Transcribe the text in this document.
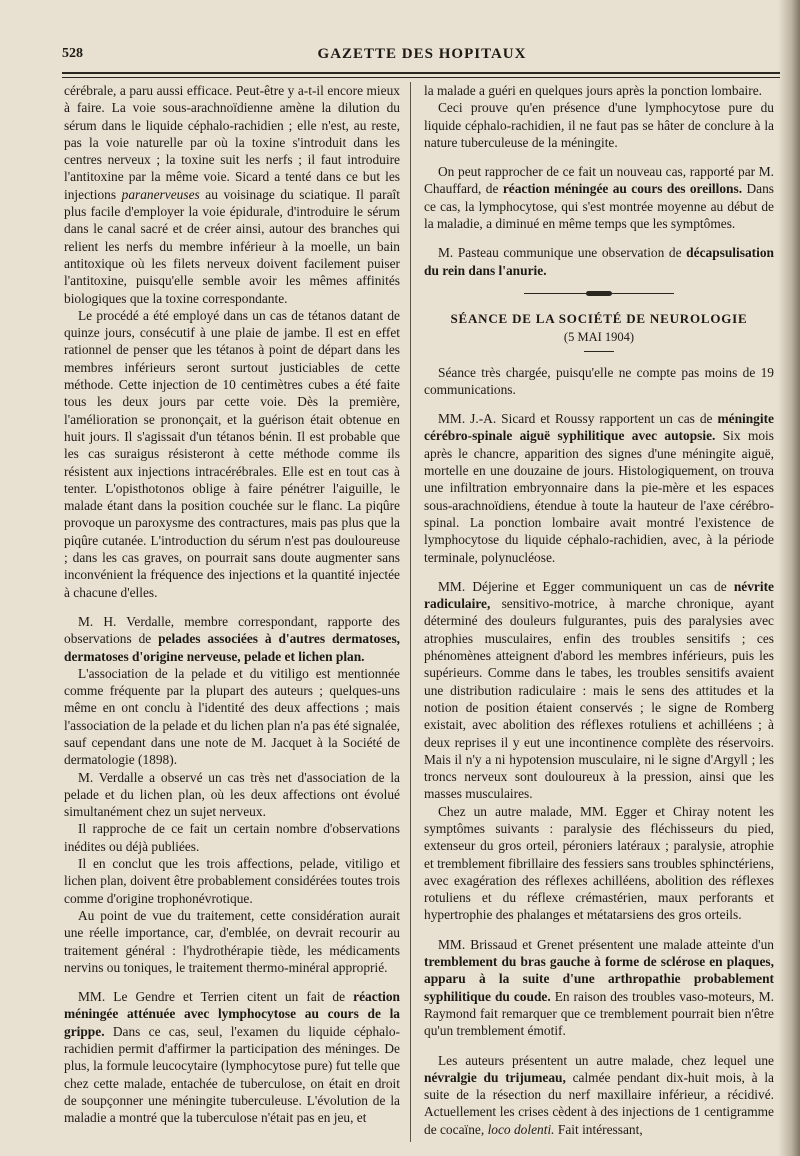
528	GAZETTE DES HOPITAUX

cérébrale, a paru aussi efficace. Peut-être y a-t-il encore mieux à faire. La voie sous-arachnoïdienne amène la dilution du sérum dans le liquide céphalo-rachidien ; elle n'est, au reste, pas la voie naturelle par où la toxine s'introduit dans les centres nerveux ; la toxine suit les nerfs ; il faut introduire l'antitoxine par la même voie. Sicard a tenté dans ce but les injections paranerveuses au voisinage du sciatique. Il paraît plus facile d'employer la voie épidurale, d'introduire le sérum dans le canal sacré et de créer ainsi, autour des branches qui relient les nerfs du membre inférieur à la moelle, un bain antitoxique où les filets nerveux doivent facilement puiser l'antitoxine, puisqu'elle semble avoir les mêmes affinités biologiques que la toxine correspondante.

Le procédé a été employé dans un cas de tétanos datant de quinze jours, consécutif à une plaie de jambe. Il est en effet rationnel de penser que les tétanos à point de départ dans les membres inférieurs seront surtout justiciables de cette méthode. Cette injection de 10 centimètres cubes a été faite tous les deux jours par cette voie. Dès la première, l'amélioration se prononçait, et la guérison était obtenue en huit jours. Il s'agissait d'un tétanos bénin. Il est probable que les cas suraigus résisteront à cette méthode comme ils résistent aux injections intracérébrales. Elle est en tout cas à tenter. L'opisthotonos oblige à faire pénétrer l'aiguille, le malade étant dans la position couchée sur le flanc. La piqûre provoque un paroxysme des contractures, mais pas plus que la piqûre cutanée. L'introduction du sérum n'est pas douloureuse ; dans les cas graves, on pourrait sans doute augmenter sans inconvénient la fréquence des injections et la quantité injectée à chacune d'elles.

M. H. Verdalle, membre correspondant, rapporte des observations de pelades associées à d'autres dermatoses, dermatoses d'origine nerveuse, pelade et lichen plan.

L'association de la pelade et du vitiligo est mentionnée comme fréquente par la plupart des auteurs ; quelques-uns même en ont conclu à l'identité des deux affections ; mais l'association de la pelade et du lichen plan n'a pas été signalée, sauf cependant dans une note de M. Jacquet à la Société de dermatologie (1898).

M. Verdalle a observé un cas très net d'association de la pelade et du lichen plan, où les deux affections ont évolué simultanément chez un sujet nerveux.

Il rapproche de ce fait un certain nombre d'observations inédites ou déjà publiées.

Il en conclut que les trois affections, pelade, vitiligo et lichen plan, doivent être probablement considérées toutes trois comme d'origine trophonévrotique.

Au point de vue du traitement, cette considération aurait une réelle importance, car, d'emblée, on devrait recourir au traitement général : l'hydrothérapie tiède, les médicaments nervins ou toniques, le traitement thermo-minéral approprié.

MM. Le Gendre et Terrien citent un fait de réaction méningée atténuée avec lymphocytose au cours de la grippe. Dans ce cas, seul, l'examen du liquide céphalo-rachidien permit d'affirmer la participation des méninges. De plus, la formule leucocytaire (lymphocytose pure) fut telle que chez cette malade, entachée de tuberculose, on était en droit de soupçonner une méningite tuberculeuse. L'évolution de la maladie a montré que la tuberculose n'était pas en jeu, et

la malade a guéri en quelques jours après la ponction lombaire.

Ceci prouve qu'en présence d'une lymphocytose pure du liquide céphalo-rachidien, il ne faut pas se hâter de conclure à la nature tuberculeuse de la méningite.

On peut rapprocher de ce fait un nouveau cas, rapporté par M. Chauffard, de réaction méningée au cours des oreillons. Dans ce cas, la lymphocytose, qui s'est montrée moyenne au début de la maladie, a diminué en même temps que les symptômes.

M. Pasteau communique une observation de décapsulisation du rein dans l'anurie.

SÉANCE DE LA SOCIÉTÉ DE NEUROLOGIE
(5 MAI 1904)

Séance très chargée, puisqu'elle ne compte pas moins de 19 communications.

MM. J.-A. Sicard et Roussy rapportent un cas de méningite cérébro-spinale aiguë syphilitique avec autopsie. Six mois après le chancre, apparition des signes d'une méningite aiguë, mortelle en une douzaine de jours. Histologiquement, on trouva une infiltration embryonnaire dans la pie-mère et les espaces sous-arachnoïdiens, étendue à toute la hauteur de l'axe cérébro-spinal. La ponction lombaire avait montré l'existence de lymphocytose du liquide céphalo-rachidien, avec, à la période terminale, polynucléose.

MM. Déjerine et Egger communiquent un cas de névrite radiculaire, sensitivo-motrice, à marche chronique, ayant déterminé des douleurs fulgurantes, puis des paralysies avec atrophies musculaires, enfin des troubles sensitifs ; ces phénomènes atteignent d'abord les membres inférieurs, puis les supérieurs. Comme dans le tabes, les troubles sensitifs avaient une distribution radiculaire : mais le sens des attitudes et la notion de position étaient conservés ; le signe de Romberg existait, avec abolition des réflexes rotuliens et achilléens ; à deux reprises il y eut une incontinence complète des réservoirs. Mais il n'y a ni hypotension musculaire, ni le signe d'Argyll ; les troncs nerveux sont douloureux à la pression, ainsi que les masses musculaires.

Chez un autre malade, MM. Egger et Chiray notent les symptômes suivants : paralysie des fléchisseurs du pied, extenseur du gros orteil, péroniers latéraux ; paralysie, atrophie et tremblement fibrillaire des fessiers sans troubles sphinctériens, avec exagération des réflexes achilléens, abolition des réflexes rotuliens et du réflexe crémastérien, maux perforants et hypertrophie des phalanges et métatarsiens des gros orteils.

MM. Brissaud et Grenet présentent une malade atteinte d'un tremblement du bras gauche à forme de sclérose en plaques, apparu à la suite d'une arthropathie probablement syphilitique du coude. En raison des troubles vaso-moteurs, M. Raymond fait remarquer que ce tremblement pourrait bien n'être qu'un tremblement émotif.

Les auteurs présentent un autre malade, chez lequel une névralgie du trijumeau, calmée pendant dix-huit mois, à la suite de la résection du nerf maxillaire inférieur, a récidivé. Actuellement les crises cèdent à des injections de 1 centigramme de cocaïne, loco dolenti. Fait intéressant,
